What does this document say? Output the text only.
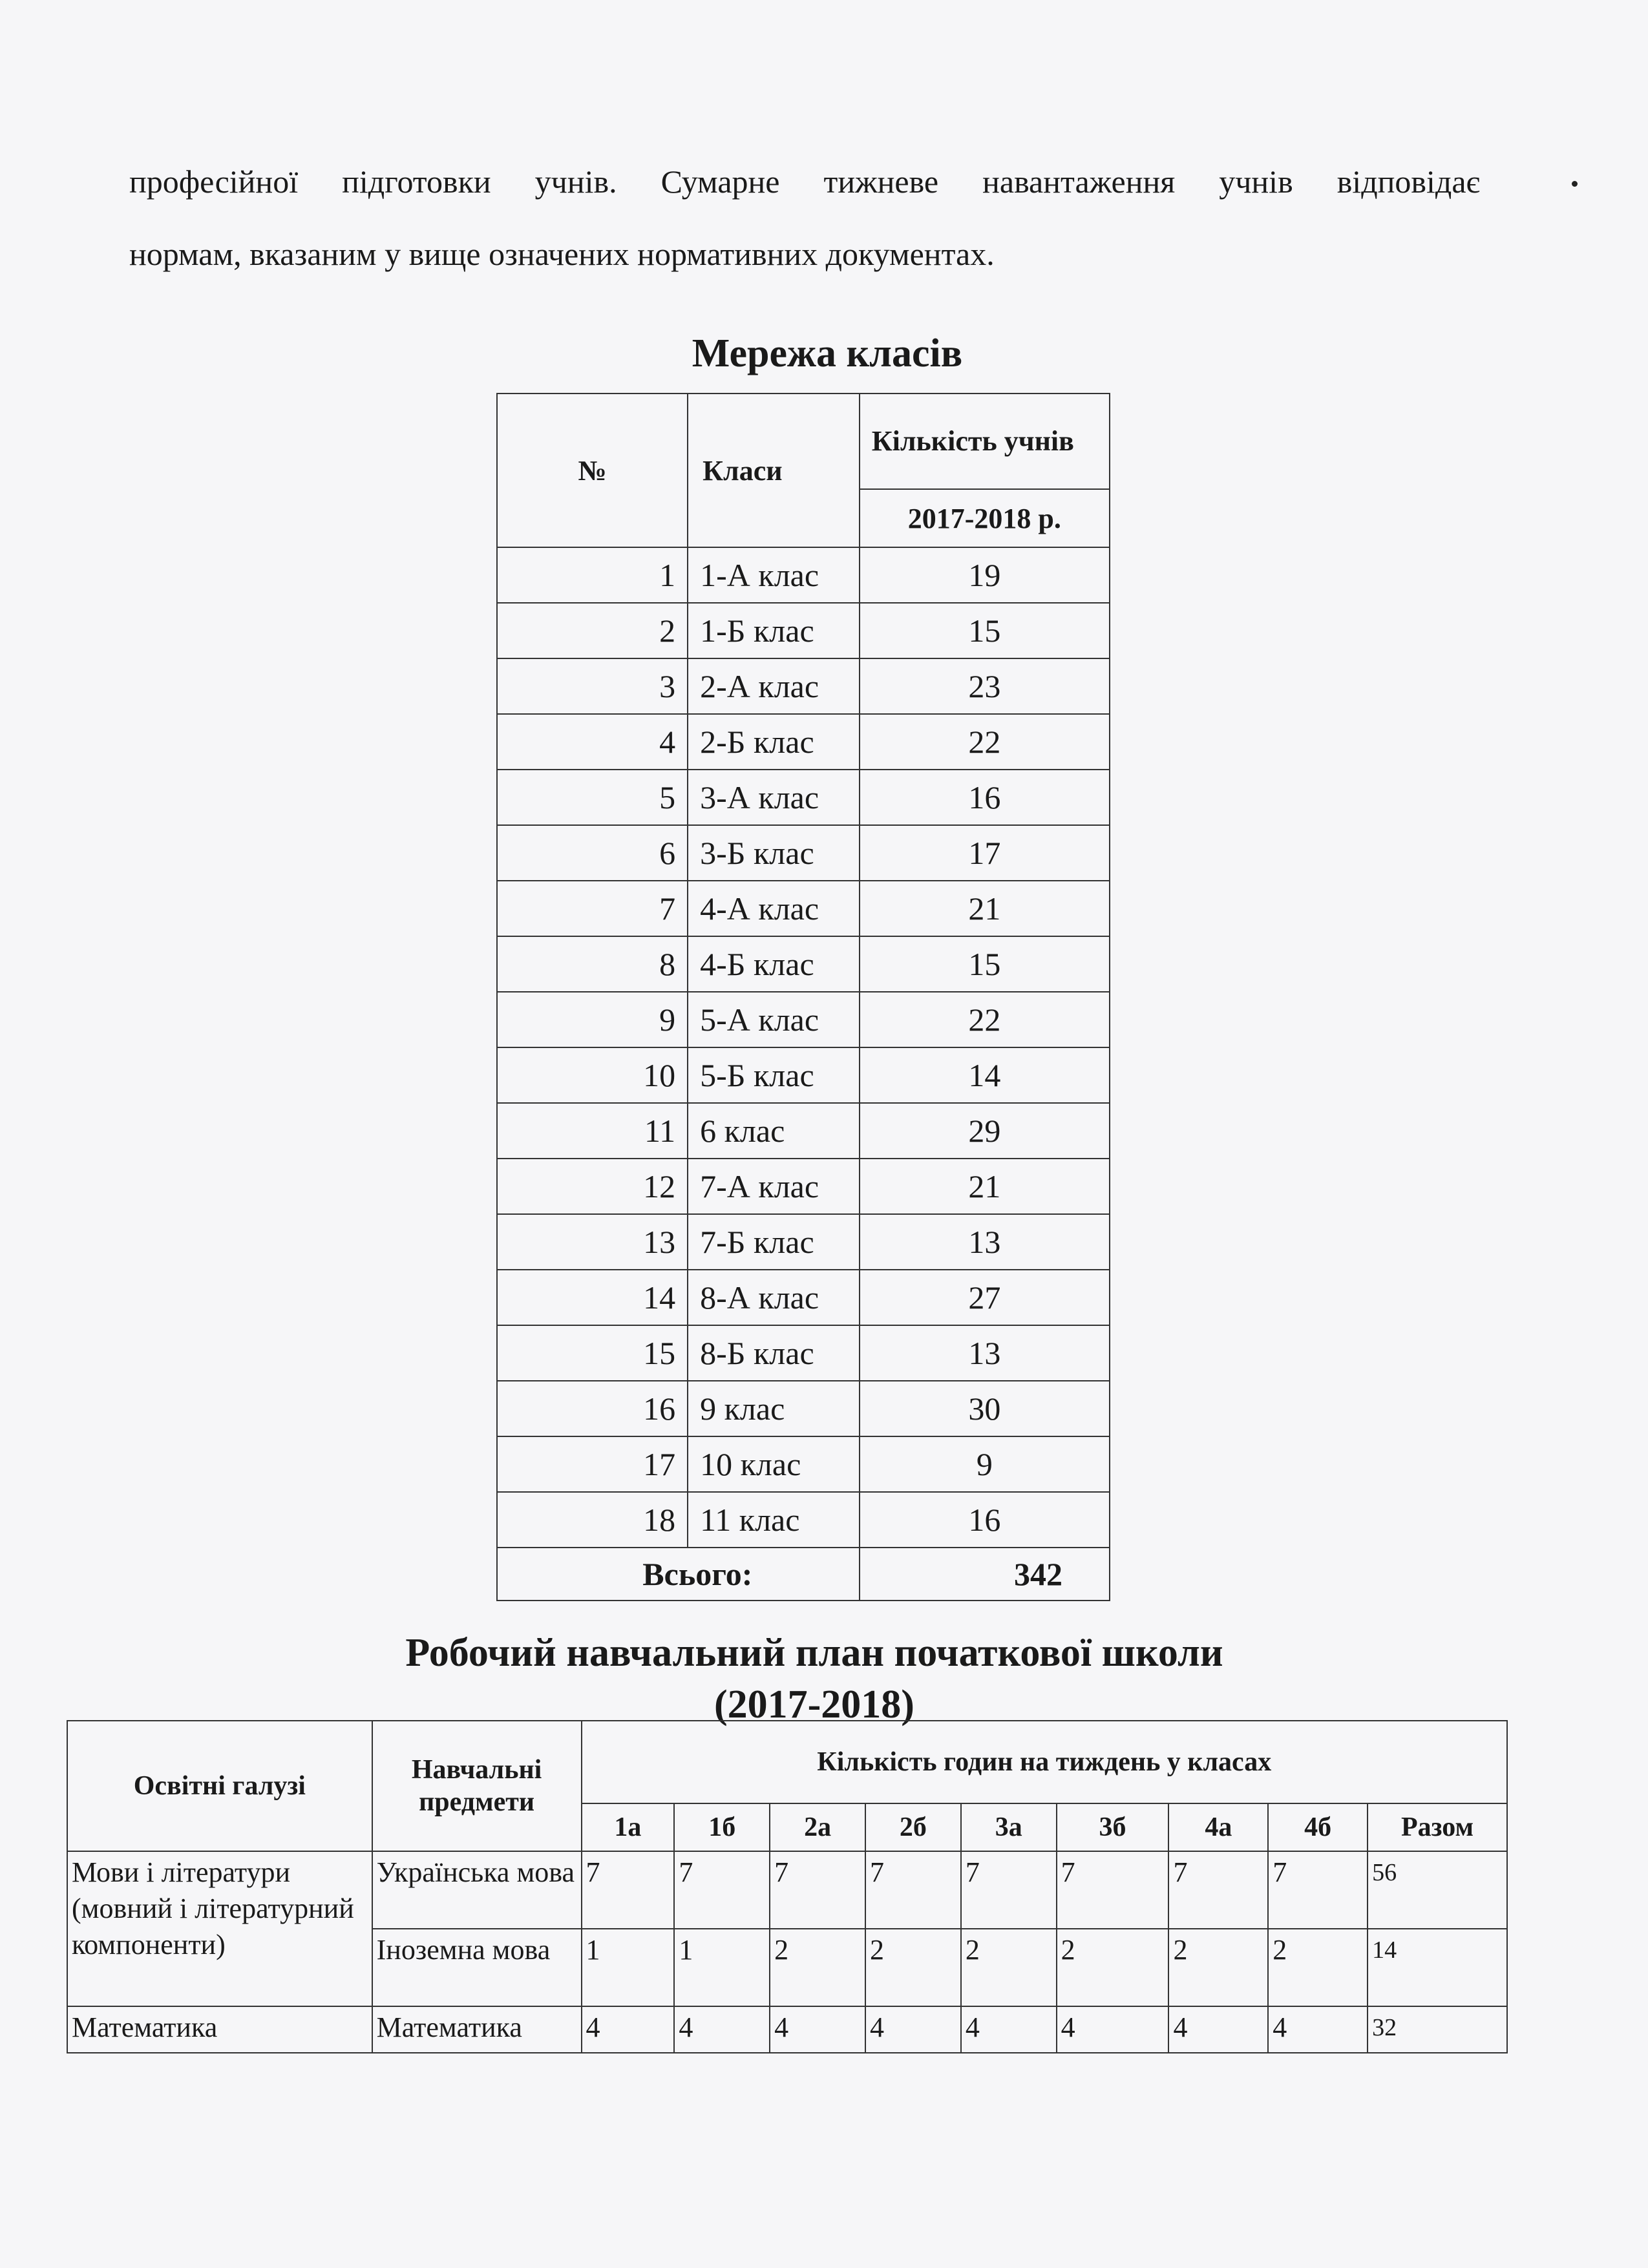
професійної підготовки учнів. Сумарне тижневе навантаження учнів відповідає
нормам, вказаним у вище означених нормативних документах.
Мережа класів
№	Класи	Кількість учнів
		2017-2018 р.
1	1-А клас	19
2	1-Б клас	15
3	2-А клас	23
4	2-Б клас	22
5	3-А клас	16
6	3-Б клас	17
7	4-А клас	21
8	4-Б клас	15
9	5-А клас	22
10	5-Б клас	14
11	6 клас	29
12	7-А клас	21
13	7-Б клас	13
14	8-А клас	27
15	8-Б клас	13
16	9 клас	30
17	10 клас	9
18	11 клас	16
Всього:		342
Робочий навчальний план початкової школи
(2017-2018)
Освітні галузі	Навчальні предмети	Кількість годин на тиждень у класах								
		1а	1б	2а	2б	3а	3б	4а	4б	Разом
Мови і літератури (мовний і літературний компоненти)	Українська мова	7	7	7	7	7	7	7	7	56
	Іноземна мова	1	1	2	2	2	2	2	2	14
Математика	Математика	4	4	4	4	4	4	4	4	32
